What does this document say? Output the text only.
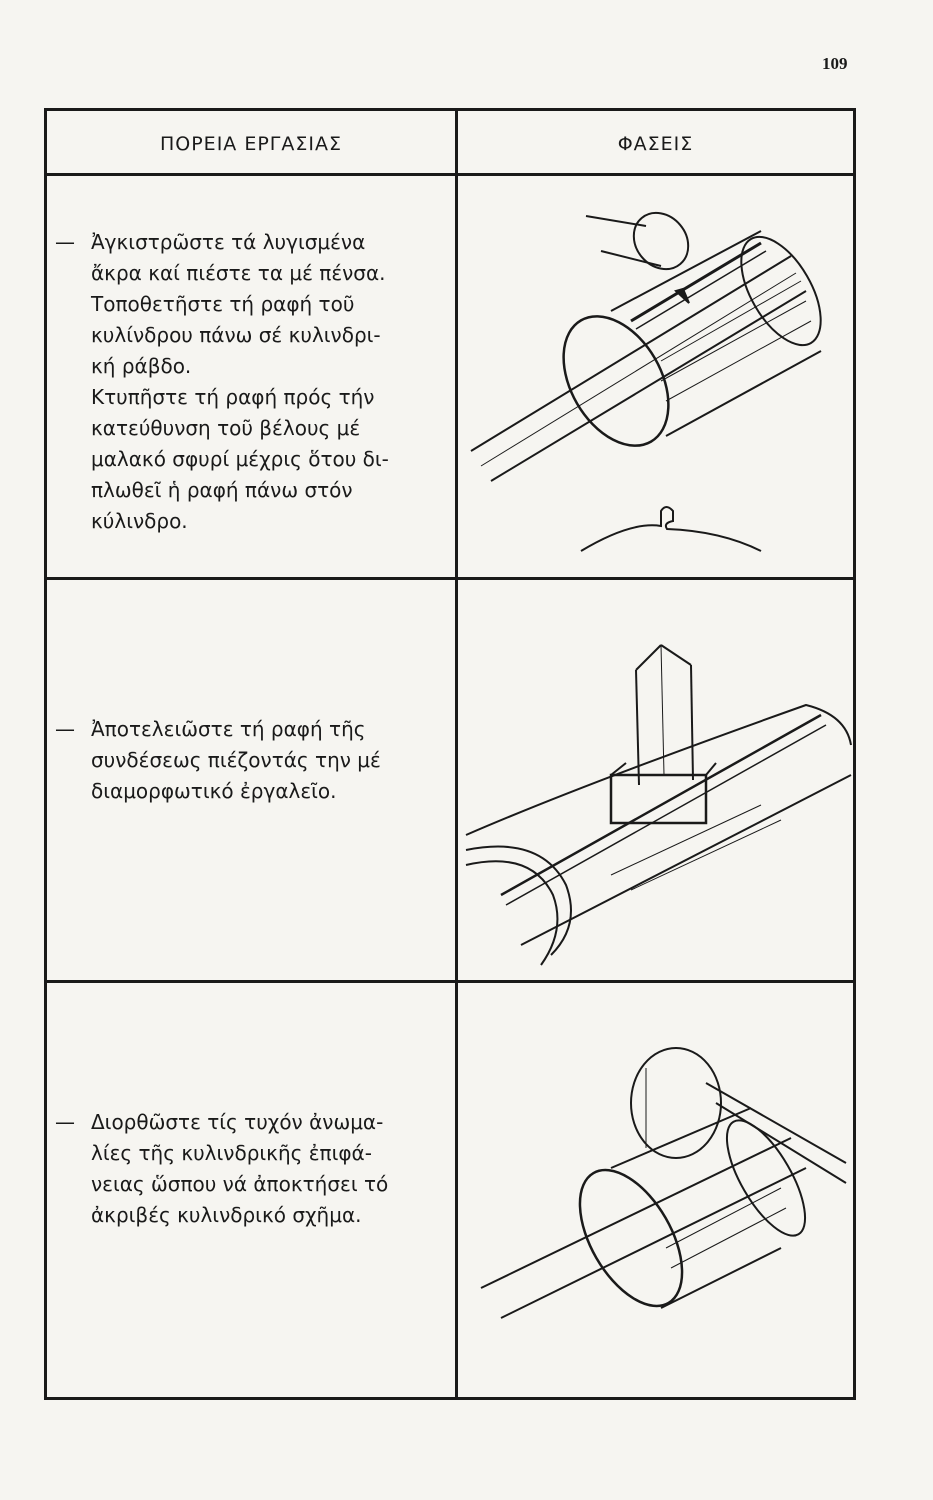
109
ΠΟΡΕΙΑ ΕΡΓΑΣΙΑΣ	ΦΑΣΕΙΣ
— Ἀγκιστρῶστε τά λυγισμένα
ἄκρα καί πιέστε τα μέ πένσα.
Τοποθετῆστε τή ραφή τοῦ
κυλίνδρου πάνω σέ κυλινδρι-
κή ράβδο.
Κτυπῆστε τή ραφή πρός τήν
κατεύθυνση τοῦ βέλους μέ
μαλακό σφυρί μέχρις ὅτου δι-
πλωθεῖ ἡ ραφή πάνω στόν
κύλινδρο.
— Ἀποτελειῶστε τή ραφή τῆς
συνδέσεως πιέζοντάς την μέ
διαμορφωτικό ἐργαλεῖο.
— Διορθῶστε τίς τυχόν ἀνωμα-
λίες τῆς κυλινδρικῆς ἐπιφά-
νειας ὥσπου νά ἀποκτήσει τό
ἀκριβές κυλινδρικό σχῆμα.
